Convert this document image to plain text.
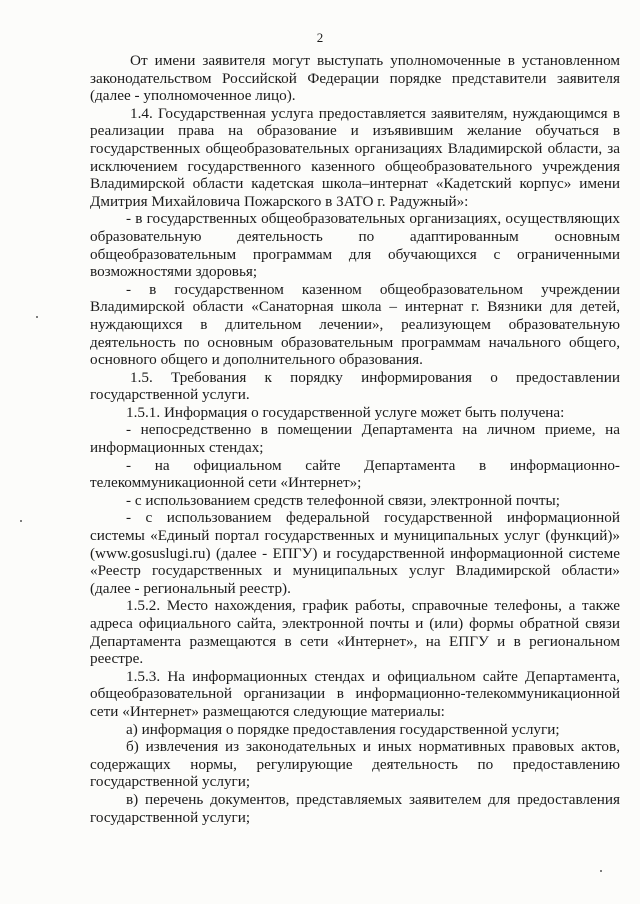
2

От имени заявителя могут выступать уполномоченные в установленном законодательством Российской Федерации порядке представители заявителя (далее - уполномоченное лицо).

1.4. Государственная услуга предоставляется заявителям, нуждающимся в реализации права на образование и изъявившим желание обучаться в государственных общеобразовательных организациях Владимирской области, за исключением государственного казенного общеобразовательного учреждения Владимирской области кадетская школа–интернат «Кадетский корпус» имени Дмитрия Михайловича Пожарского в ЗАТО г. Радужный»:

- в государственных общеобразовательных организациях, осуществляющих образовательную деятельность по адаптированным основным общеобразовательным программам для обучающихся с ограниченными возможностями здоровья;

- в государственном казенном общеобразовательном учреждении Владимирской области «Санаторная школа – интернат г. Вязники для детей, нуждающихся в длительном лечении», реализующем образовательную деятельность по основным образовательным программам начального общего, основного общего и дополнительного образования.

1.5. Требования к порядку информирования о предоставлении государственной услуги.

1.5.1. Информация о государственной услуге может быть получена:

- непосредственно в помещении Департамента на личном приеме, на информационных стендах;

- на официальном сайте Департамента в информационно-телекоммуникационной сети «Интернет»;

- с использованием средств телефонной связи, электронной почты;

- с использованием федеральной государственной информационной системы «Единый портал государственных и муниципальных услуг (функций)» (www.gosuslugi.ru) (далее - ЕПГУ) и государственной информационной системе «Реестр государственных и муниципальных услуг Владимирской области» (далее - региональный реестр).

1.5.2. Место нахождения, график работы, справочные телефоны, а также адреса официального сайта, электронной почты и (или) формы обратной связи Департамента размещаются в сети «Интернет», на ЕПГУ и в региональном реестре.

1.5.3. На информационных стендах и официальном сайте Департамента, общеобразовательной организации в информационно-телекоммуникационной сети «Интернет» размещаются следующие материалы:

а) информация о порядке предоставления государственной услуги;

б) извлечения из законодательных и иных нормативных правовых актов, содержащих нормы, регулирующие деятельность по предоставлению государственной услуги;

в) перечень документов, представляемых заявителем для предоставления государственной услуги;
